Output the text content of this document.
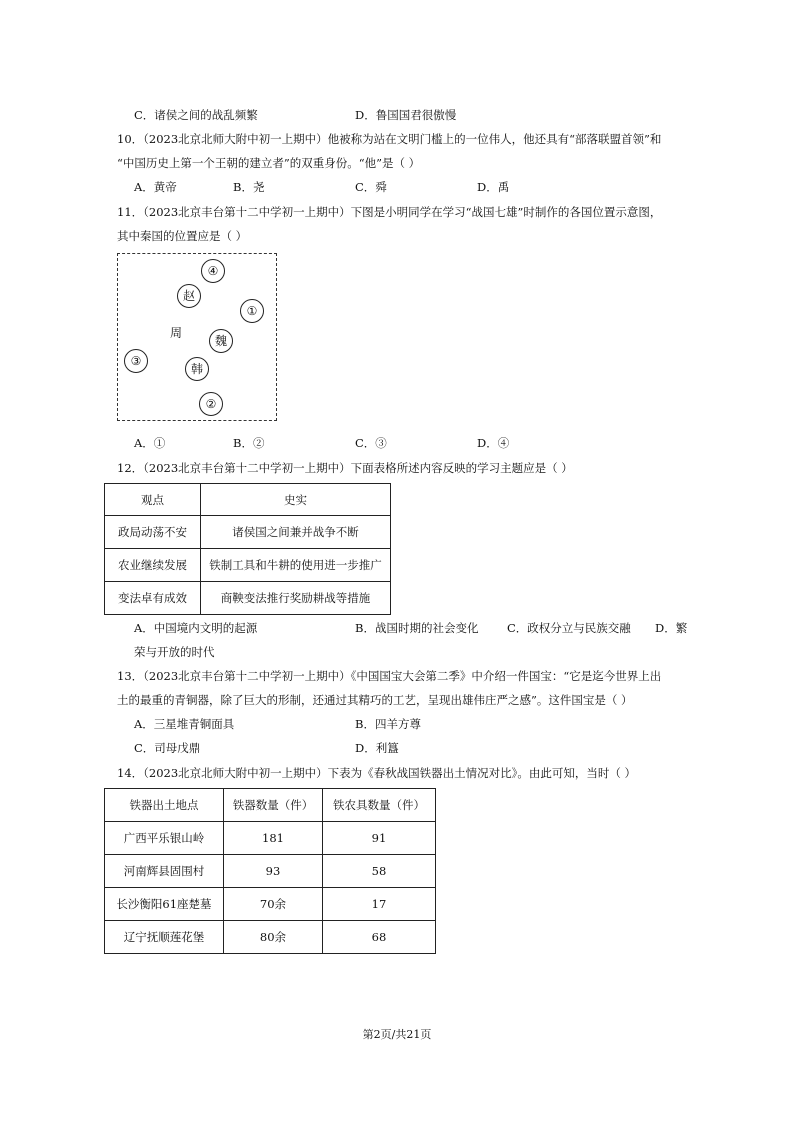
C．诸侯之间的战乱频繁	D．鲁国国君很傲慢
10．（2023北京北师大附中初一上期中）他被称为站在文明门槛上的一位伟人，他还具有“部落联盟首领”和
“中国历史上第一个王朝的建立者”的双重身份。“他”是（ ）
A．黄帝	B．尧	C．舜	D．禹
11．（2023北京丰台第十二中学初一上期中）下图是小明同学在学习“战国七雄”时制作的各国位置示意图，
其中秦国的位置应是（ ）
④
赵
①
周
魏
③
韩
②
A．①	B．②	C．③	D．④
12．（2023北京丰台第十二中学初一上期中）下面表格所述内容反映的学习主题应是（ ）
观点	史实
政局动荡不安	诸侯国之间兼并战争不断
农业继续发展	铁制工具和牛耕的使用进一步推广
变法卓有成效	商鞅变法推行奖励耕战等措施
A．中国境内文明的起源	B．战国时期的社会变化 C．政权分立与民族交融 D．繁
荣与开放的时代
13．（2023北京丰台第十二中学初一上期中）《中国国宝大会第二季》中介绍一件国宝：“它是迄今世界上出
土的最重的青铜器，除了巨大的形制，还通过其精巧的工艺，呈现出雄伟庄严之感”。这件国宝是（ ）
A．三星堆青铜面具	B．四羊方尊
C．司母戊鼎	D．利簋
14．（2023北京北师大附中初一上期中）下表为《春秋战国铁器出土情况对比》。由此可知，当时（ ）
铁器出土地点	铁器数量（件）	铁农具数量（件）
广西平乐银山岭	181	91
河南辉县固围村	93	58
长沙衡阳61座楚墓	70余	17
辽宁抚顺莲花堡	80余	68
第2页/共21页
